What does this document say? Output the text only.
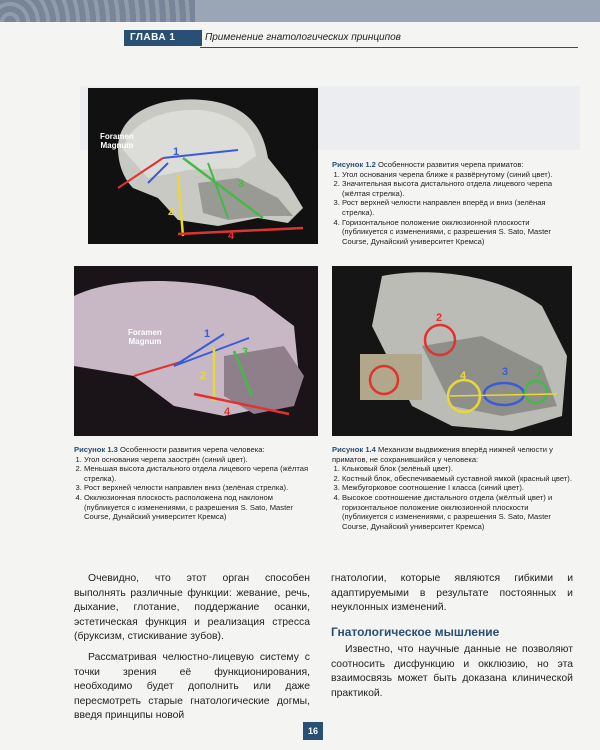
ГЛАВА 1	Применение гнатологических принципов
Foramen
Magnum
1
2
3
4
Рисунок 1.2 Особенности развития черепа приматов:
1. Угол основания черепа ближе к развёрнутому (синий цвет).
2. Значительная высота дистального отдела лицевого черепа (жёлтая стрелка).
3. Рост верхней челюсти направлен вперёд и вниз (зелёная стрелка).
4. Горизонтальное положение окклюзионной плоскости (публикуется с изменениями, с разрешения S. Sato, Master Course, Дунайский университет Кремса)
Foramen
Magnum
1
2
3
4
Рисунок 1.3 Особенности развития черепа человека:
1. Угол основания черепа заострён (синий цвет).
2. Меньшая высота дистального отдела лицевого черепа (жёлтая стрелка).
3. Рост верхней челюсти направлен вниз (зелёная стрелка).
4. Окклюзионная плоскость расположена под наклоном (публикуется с изменениями, с разрешения S. Sato, Master Course, Дунайский университет Кремса)
1
2
3
4
Рисунок 1.4 Механизм выдвижения вперёд нижней челюсти у приматов, не сохранившийся у человека:
1. Клыковый блок (зелёный цвет).
2. Костный блок, обеспечиваемый суставной ямкой (красный цвет).
3. Межбугорковое соотношение I класса (синий цвет).
4. Высокое соотношение дистального отдела (жёлтый цвет) и горизонтальное положение окклюзионной плоскости (публикуется с изменениями, с разрешения S. Sato, Master Course, Дунайский университет Кремса)

Очевидно, что этот орган способен выполнять различные функции: жевание, речь, дыхание, глотание, поддержание осанки, эстетическая функция и реализация стресса (бруксизм, стискивание зубов).

Рассматривая челюстно-лицевую систему с точки зрения её функционирования, необходимо будет дополнить или даже пересмотреть старые гнатологические догмы, введя принципы новой

гнатологии, которые являются гибкими и адаптируемыми в результате постоянных и неуклонных изменений.

Гнатологическое мышление

Известно, что научные данные не позволяют соотносить дисфункцию и окклюзию, но эта взаимосвязь может быть доказана клинической практикой.

16
